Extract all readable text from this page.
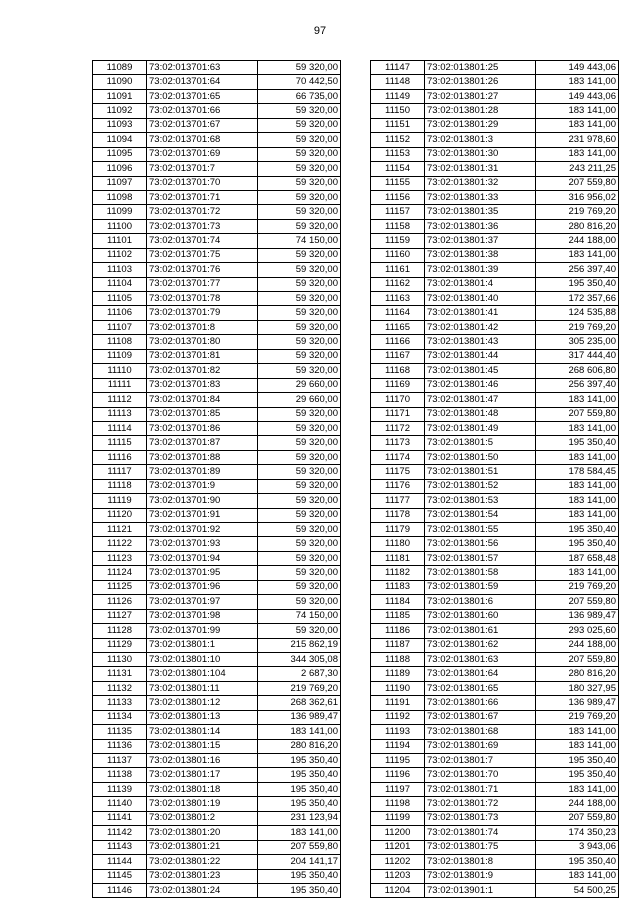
97
11089	73:02:013701:63	59 320,00
11090	73:02:013701:64	70 442,50
11091	73:02:013701:65	66 735,00
11092	73:02:013701:66	59 320,00
11093	73:02:013701:67	59 320,00
11094	73:02:013701:68	59 320,00
11095	73:02:013701:69	59 320,00
11096	73:02:013701:7	59 320,00
11097	73:02:013701:70	59 320,00
11098	73:02:013701:71	59 320,00
11099	73:02:013701:72	59 320,00
11100	73:02:013701:73	59 320,00
11101	73:02:013701:74	74 150,00
11102	73:02:013701:75	59 320,00
11103	73:02:013701:76	59 320,00
11104	73:02:013701:77	59 320,00
11105	73:02:013701:78	59 320,00
11106	73:02:013701:79	59 320,00
11107	73:02:013701:8	59 320,00
11108	73:02:013701:80	59 320,00
11109	73:02:013701:81	59 320,00
11110	73:02:013701:82	59 320,00
11111	73:02:013701:83	29 660,00
11112	73:02:013701:84	29 660,00
11113	73:02:013701:85	59 320,00
11114	73:02:013701:86	59 320,00
11115	73:02:013701:87	59 320,00
11116	73:02:013701:88	59 320,00
11117	73:02:013701:89	59 320,00
11118	73:02:013701:9	59 320,00
11119	73:02:013701:90	59 320,00
11120	73:02:013701:91	59 320,00
11121	73:02:013701:92	59 320,00
11122	73:02:013701:93	59 320,00
11123	73:02:013701:94	59 320,00
11124	73:02:013701:95	59 320,00
11125	73:02:013701:96	59 320,00
11126	73:02:013701:97	59 320,00
11127	73:02:013701:98	74 150,00
11128	73:02:013701:99	59 320,00
11129	73:02:013801:1	215 862,19
11130	73:02:013801:10	344 305,08
11131	73:02:013801:104	2 687,30
11132	73:02:013801:11	219 769,20
11133	73:02:013801:12	268 362,61
11134	73:02:013801:13	136 989,47
11135	73:02:013801:14	183 141,00
11136	73:02:013801:15	280 816,20
11137	73:02:013801:16	195 350,40
11138	73:02:013801:17	195 350,40
11139	73:02:013801:18	195 350,40
11140	73:02:013801:19	195 350,40
11141	73:02:013801:2	231 123,94
11142	73:02:013801:20	183 141,00
11143	73:02:013801:21	207 559,80
11144	73:02:013801:22	204 141,17
11145	73:02:013801:23	195 350,40
11146	73:02:013801:24	195 350,40
11147	73:02:013801:25	149 443,06
11148	73:02:013801:26	183 141,00
11149	73:02:013801:27	149 443,06
11150	73:02:013801:28	183 141,00
11151	73:02:013801:29	183 141,00
11152	73:02:013801:3	231 978,60
11153	73:02:013801:30	183 141,00
11154	73:02:013801:31	243 211,25
11155	73:02:013801:32	207 559,80
11156	73:02:013801:33	316 956,02
11157	73:02:013801:35	219 769,20
11158	73:02:013801:36	280 816,20
11159	73:02:013801:37	244 188,00
11160	73:02:013801:38	183 141,00
11161	73:02:013801:39	256 397,40
11162	73:02:013801:4	195 350,40
11163	73:02:013801:40	172 357,66
11164	73:02:013801:41	124 535,88
11165	73:02:013801:42	219 769,20
11166	73:02:013801:43	305 235,00
11167	73:02:013801:44	317 444,40
11168	73:02:013801:45	268 606,80
11169	73:02:013801:46	256 397,40
11170	73:02:013801:47	183 141,00
11171	73:02:013801:48	207 559,80
11172	73:02:013801:49	183 141,00
11173	73:02:013801:5	195 350,40
11174	73:02:013801:50	183 141,00
11175	73:02:013801:51	178 584,45
11176	73:02:013801:52	183 141,00
11177	73:02:013801:53	183 141,00
11178	73:02:013801:54	183 141,00
11179	73:02:013801:55	195 350,40
11180	73:02:013801:56	195 350,40
11181	73:02:013801:57	187 658,48
11182	73:02:013801:58	183 141,00
11183	73:02:013801:59	219 769,20
11184	73:02:013801:6	207 559,80
11185	73:02:013801:60	136 989,47
11186	73:02:013801:61	293 025,60
11187	73:02:013801:62	244 188,00
11188	73:02:013801:63	207 559,80
11189	73:02:013801:64	280 816,20
11190	73:02:013801:65	180 327,95
11191	73:02:013801:66	136 989,47
11192	73:02:013801:67	219 769,20
11193	73:02:013801:68	183 141,00
11194	73:02:013801:69	183 141,00
11195	73:02:013801:7	195 350,40
11196	73:02:013801:70	195 350,40
11197	73:02:013801:71	183 141,00
11198	73:02:013801:72	244 188,00
11199	73:02:013801:73	207 559,80
11200	73:02:013801:74	174 350,23
11201	73:02:013801:75	3 943,06
11202	73:02:013801:8	195 350,40
11203	73:02:013801:9	183 141,00
11204	73:02:013901:1	54 500,25
